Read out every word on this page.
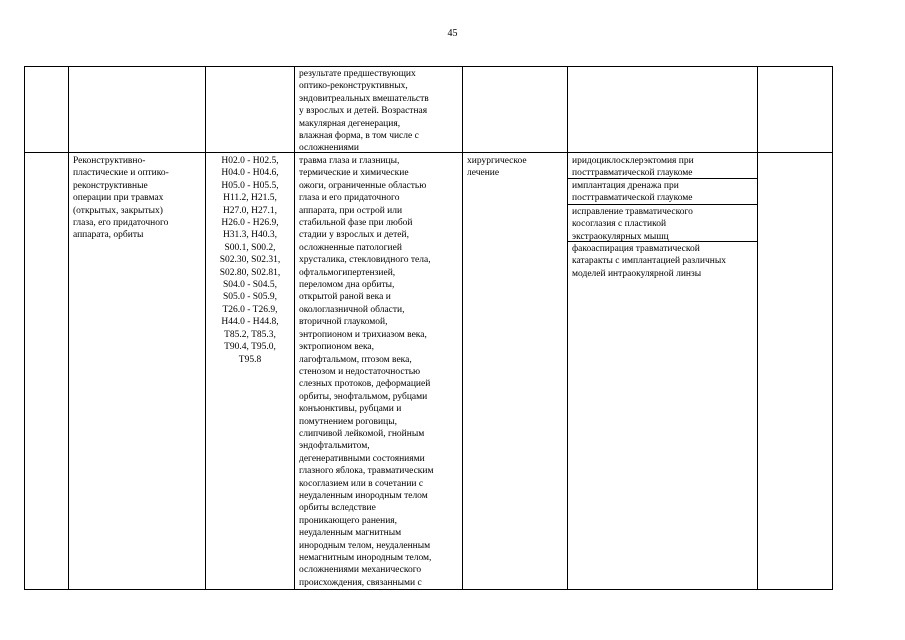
45
результате предшествующих
оптико-реконструктивных,
эндовитреальных вмешательств
у взрослых и детей. Возрастная
макулярная дегенерация,
влажная форма, в том числе с
осложнениями
Реконструктивно-
пластические и оптико-
реконструктивные
операции при травмах
(открытых, закрытых)
глаза, его придаточного
аппарата, орбиты
H02.0 - H02.5,
H04.0 - H04.6,
H05.0 - H05.5,
H11.2, H21.5,
H27.0, H27.1,
H26.0 - H26.9,
H31.3, H40.3,
S00.1, S00.2,
S02.30, S02.31,
S02.80, S02.81,
S04.0 - S04.5,
S05.0 - S05.9,
T26.0 - T26.9,
H44.0 - H44.8,
T85.2, T85.3,
T90.4, T95.0,
T95.8
травма глаза и глазницы,
термические и химические
ожоги, ограниченные областью
глаза и его придаточного
аппарата, при острой или
стабильной фазе при любой
стадии у взрослых и детей,
осложненные патологией
хрусталика, стекловидного тела,
офтальмогипертензией,
переломом дна орбиты,
открытой раной века и
окологлазничной области,
вторичной глаукомой,
энтропионом и трихиазом века,
эктропионом века,
лагофтальмом, птозом века,
стенозом и недостаточностью
слезных протоков, деформацией
орбиты, энофтальмом, рубцами
конъюнктивы, рубцами и
помутнением роговицы,
слипчивой лейкомой, гнойным
эндофтальмитом,
дегенеративными состояниями
глазного яблока, травматическим
косоглазием или в сочетании с
неудаленным инородным телом
орбиты вследствие
проникающего ранения,
неудаленным магнитным
инородным телом, неудаленным
немагнитным инородным телом,
осложнениями механического
происхождения, связанными с
хирургическое
лечение
иридоциклосклерэктомия при
посттравматической глаукоме
имплантация дренажа при
посттравматической глаукоме
исправление травматического
косоглазия с пластикой
экстраокулярных мышц
факоаспирация травматической
катаракты с имплантацией различных
моделей интраокулярной линзы
